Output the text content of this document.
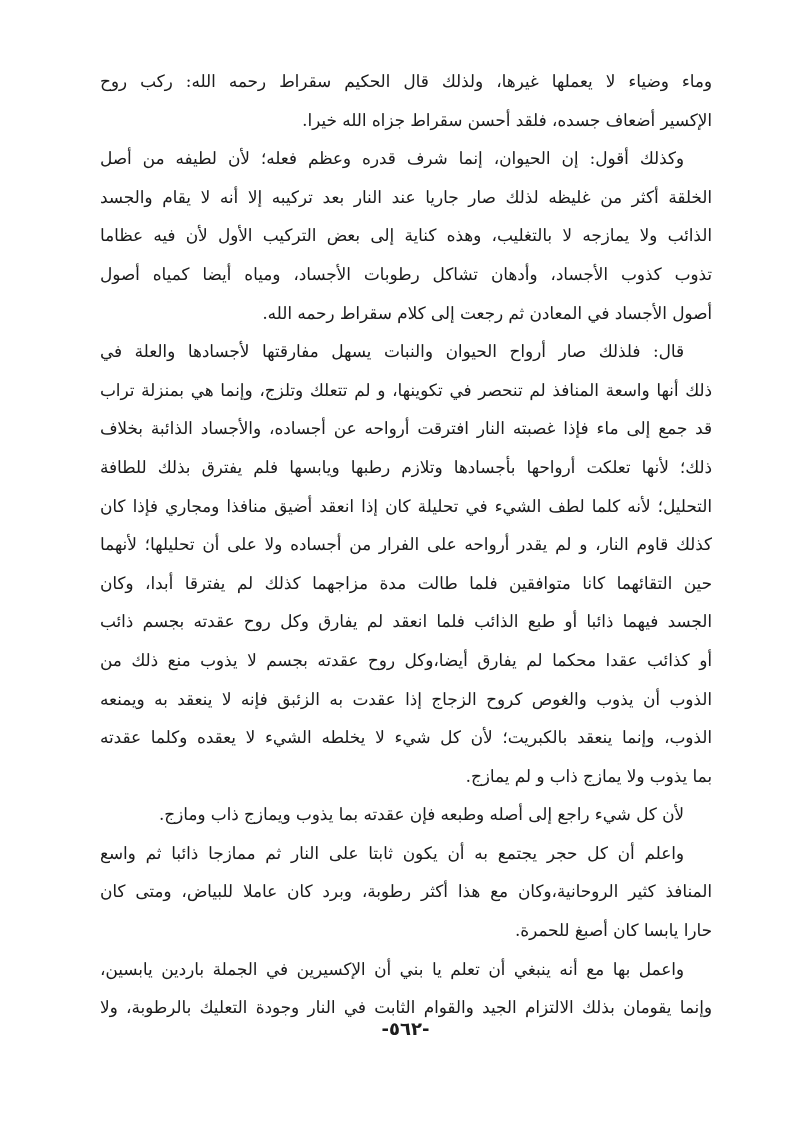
وماء وضياء لا يعملها غيرها، ولذلك قال الحكيم سقراط رحمه الله: ركب روح
الإكسير أضعاف جسده، فلقد أحسن سقراط جزاه الله خيرا.
وكذلك أقول: إن الحيوان، إنما شرف قدره وعظم فعله؛ لأن لطيفه من أصل
الخلقة أكثر من غليظه لذلك صار جاريا عند النار بعد تركيبه إلا أنه لا يقام والجسد
الذائب ولا يمازجه لا بالتغليب، وهذه كناية إلى بعض التركيب الأول لأن فيه عظاما
تذوب كذوب الأجساد، وأدهان تشاكل رطوبات الأجساد، ومياه أيضا كمياه أصول
أصول الأجساد في المعادن ثم رجعت إلى كلام سقراط رحمه الله.
قال: فلذلك صار أرواح الحيوان والنبات يسهل مفارقتها لأجسادها والعلة في
ذلك أنها واسعة المنافذ لم تنحصر في تكوينها، و لم تتعلك وتلزج، وإنما هي بمنزلة تراب
قد جمع إلى ماء فإذا غصبته النار افترقت أرواحه عن أجساده، والأجساد الذائبة بخلاف
ذلك؛ لأنها تعلكت أرواحها بأجسادها وتلازم رطبها ويابسها فلم يفترق بذلك للطافة
التحليل؛ لأنه كلما لطف الشيء في تحليلة كان إذا انعقد أضيق منافذا ومجاري فإذا كان
كذلك قاوم النار، و لم يقدر أرواحه على الفرار من أجساده ولا على أن تحليلها؛ لأنهما
حين التقائهما كانا متوافقين فلما طالت مدة مزاجهما كذلك لم يفترقا أبدا، وكان
الجسد فيهما ذائبا أو طبع الذائب فلما انعقد لم يفارق وكل روح عقدته بجسم ذائب
أو كذائب عقدا محكما لم يفارق أيضا،وكل روح عقدته بجسم لا يذوب منع ذلك من
الذوب أن يذوب والغوص كروح الزجاج إذا عقدت به الزئبق فإنه لا ينعقد به ويمنعه
الذوب، وإنما ينعقد بالكبريت؛ لأن كل شيء لا يخلطه الشيء لا يعقده وكلما عقدته
بما يذوب ولا يمازج ذاب و لم يمازج.
لأن كل شيء راجع إلى أصله وطبعه فإن عقدته بما يذوب ويمازج ذاب ومازج.
واعلم أن كل حجر يجتمع به أن يكون ثابتا على النار ثم ممازجا ذائبا ثم واسع
المنافذ كثير الروحانية،وكان مع هذا أكثر رطوبة، وبرد كان عاملا للبياض، ومتى كان
حارا يابسا كان أصبغ للحمرة.
واعمل بها مع أنه ينبغي أن تعلم يا بني أن الإكسيرين في الجملة باردين يابسين،
وإنما يقومان بذلك الالتزام الجيد والقوام الثابت في النار وجودة التعليك بالرطوبة، ولا
-٥٦٢-
